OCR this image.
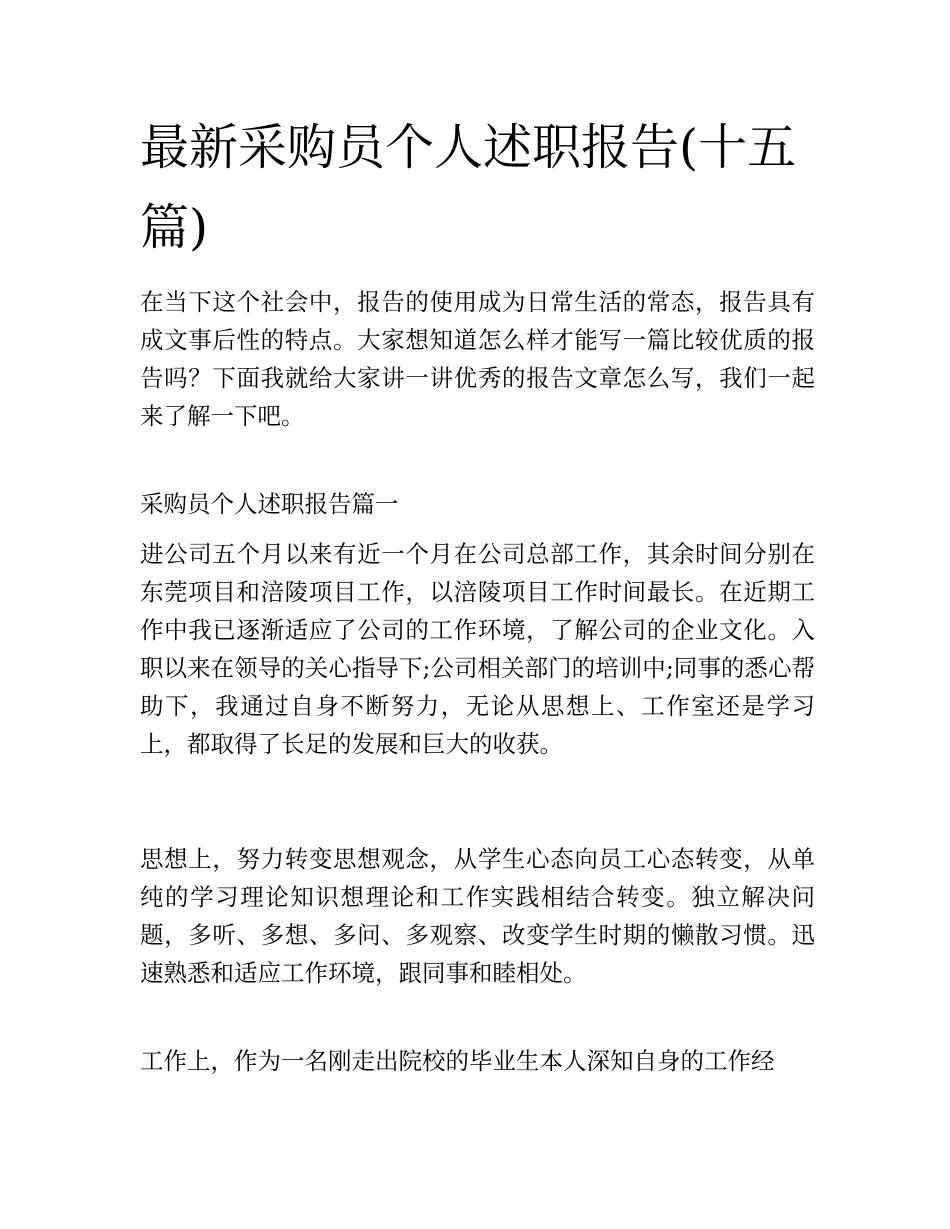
最新采购员个人述职报告(十五篇)

在当下这个社会中，报告的使用成为日常生活的常态，报告具有成文事后性的特点。大家想知道怎么样才能写一篇比较优质的报告吗？下面我就给大家讲一讲优秀的报告文章怎么写，我们一起来了解一下吧。

采购员个人述职报告篇一

进公司五个月以来有近一个月在公司总部工作，其余时间分别在东莞项目和涪陵项目工作，以涪陵项目工作时间最长。在近期工作中我已逐渐适应了公司的工作环境，了解公司的企业文化。入职以来在领导的关心指导下;公司相关部门的培训中;同事的悉心帮助下，我通过自身不断努力，无论从思想上、工作室还是学习上，都取得了长足的发展和巨大的收获。

思想上，努力转变思想观念，从学生心态向员工心态转变，从单纯的学习理论知识想理论和工作实践相结合转变。独立解决问题，多听、多想、多问、多观察、改变学生时期的懒散习惯。迅速熟悉和适应工作环境，跟同事和睦相处。

工作上，作为一名刚走出院校的毕业生本人深知自身的工作经
